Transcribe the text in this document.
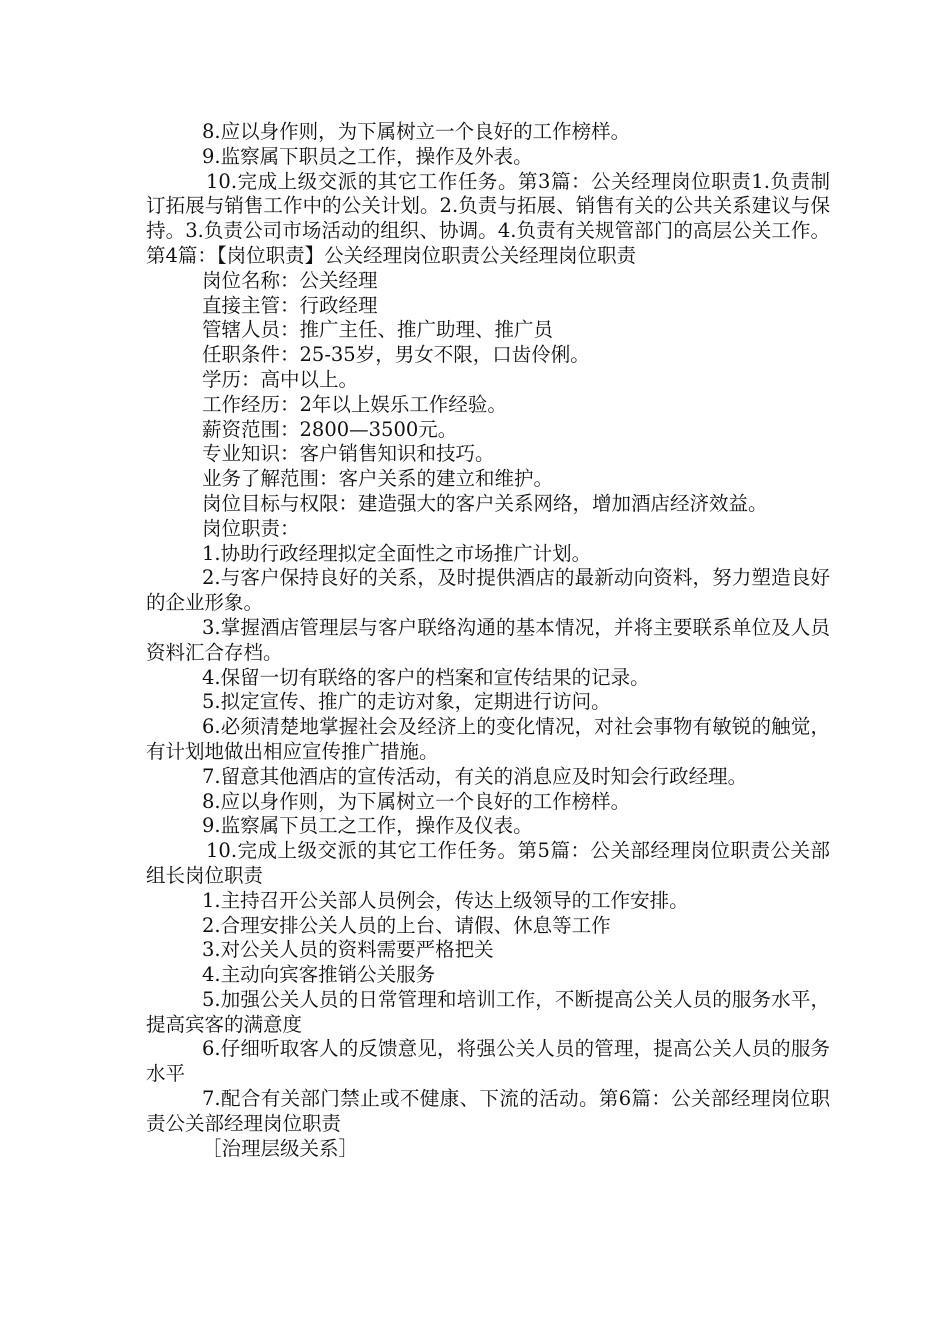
8.应以身作则，为下属树立一个良好的工作榜样。

9.监察属下职员之工作，操作及外表。

10.完成上级交派的其它工作任务。第3篇：公关经理岗位职责1.负责制订拓展与销售工作中的公关计划。2.负责与拓展、销售有关的公共关系建议与保持。3.负责公司市场活动的组织、协调。4.负责有关规管部门的高层公关工作。第4篇：【岗位职责】公关经理岗位职责公关经理岗位职责

岗位名称：公关经理

直接主管：行政经理

管辖人员：推广主任、推广助理、推广员

任职条件：25-35岁，男女不限，口齿伶俐。

学历：高中以上。

工作经历：2年以上娱乐工作经验。

薪资范围：2800—3500元。

专业知识：客户销售知识和技巧。

业务了解范围：客户关系的建立和维护。

岗位目标与权限：建造强大的客户关系网络，增加酒店经济效益。

岗位职责：

1.协助行政经理拟定全面性之市场推广计划。

2.与客户保持良好的关系，及时提供酒店的最新动向资料，努力塑造良好的企业形象。

3.掌握酒店管理层与客户联络沟通的基本情况，并将主要联系单位及人员资料汇合存档。

4.保留一切有联络的客户的档案和宣传结果的记录。

5.拟定宣传、推广的走访对象，定期进行访问。

6.必须清楚地掌握社会及经济上的变化情况，对社会事物有敏锐的触觉，有计划地做出相应宣传推广措施。

7.留意其他酒店的宣传活动，有关的消息应及时知会行政经理。

8.应以身作则，为下属树立一个良好的工作榜样。

9.监察属下员工之工作，操作及仪表。

10.完成上级交派的其它工作任务。第5篇：公关部经理岗位职责公关部组长岗位职责

1.主持召开公关部人员例会，传达上级领导的工作安排。

2.合理安排公关人员的上台、请假、休息等工作

3.对公关人员的资料需要严格把关

4.主动向宾客推销公关服务

5.加强公关人员的日常管理和培训工作，不断提高公关人员的服务水平，提高宾客的满意度

6.仔细听取客人的反馈意见，将强公关人员的管理，提高公关人员的服务水平

7.配合有关部门禁止或不健康、下流的活动。第6篇：公关部经理岗位职责公关部经理岗位职责

［治理层级关系］
